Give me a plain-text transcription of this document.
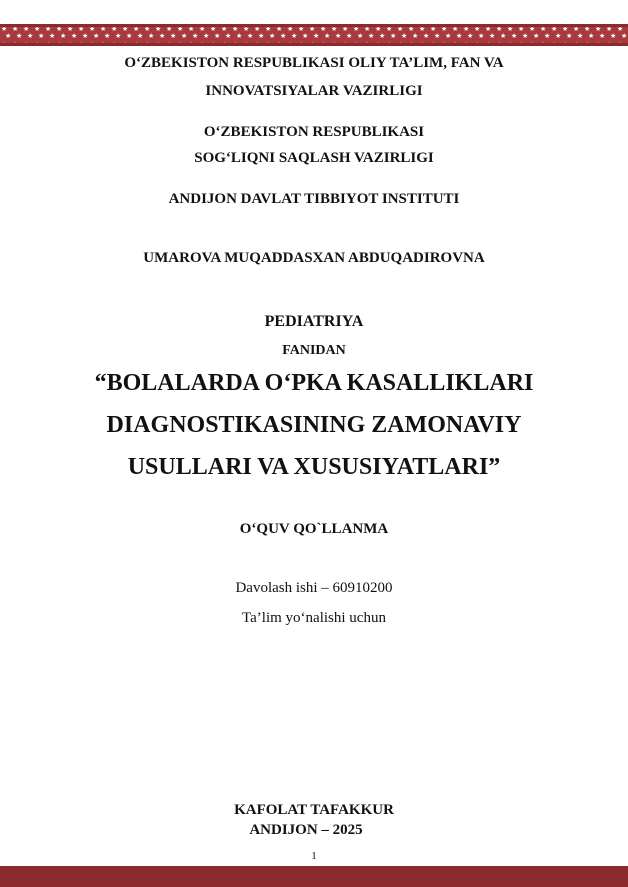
O‘ZBEKISTON RESPUBLIKASI OLIY TA’LIM, FAN VA
INNOVATSIYALAR VAZIRLIGI
O‘ZBEKISTON RESPUBLIKASI
SOG‘LIQNI SAQLASH VAZIRLIGI
ANDIJON DAVLAT TIBBIYOT INSTITUTI
UMAROVA MUQADDASXAN ABDUQADIROVNA
PEDIATRIYA
FANIDAN
“BOLALARDA O‘PKA KASALLIKLARI
DIAGNOSTIKASINING ZAMONAVIY
USULLARI VA XUSUSIYATLARI”
O‘QUV QO`LLANMA
Davolash ishi – 60910200
Ta’lim yo‘nalishi uchun
KAFOLAT TAFAKKUR
ANDIJON – 2025
1
